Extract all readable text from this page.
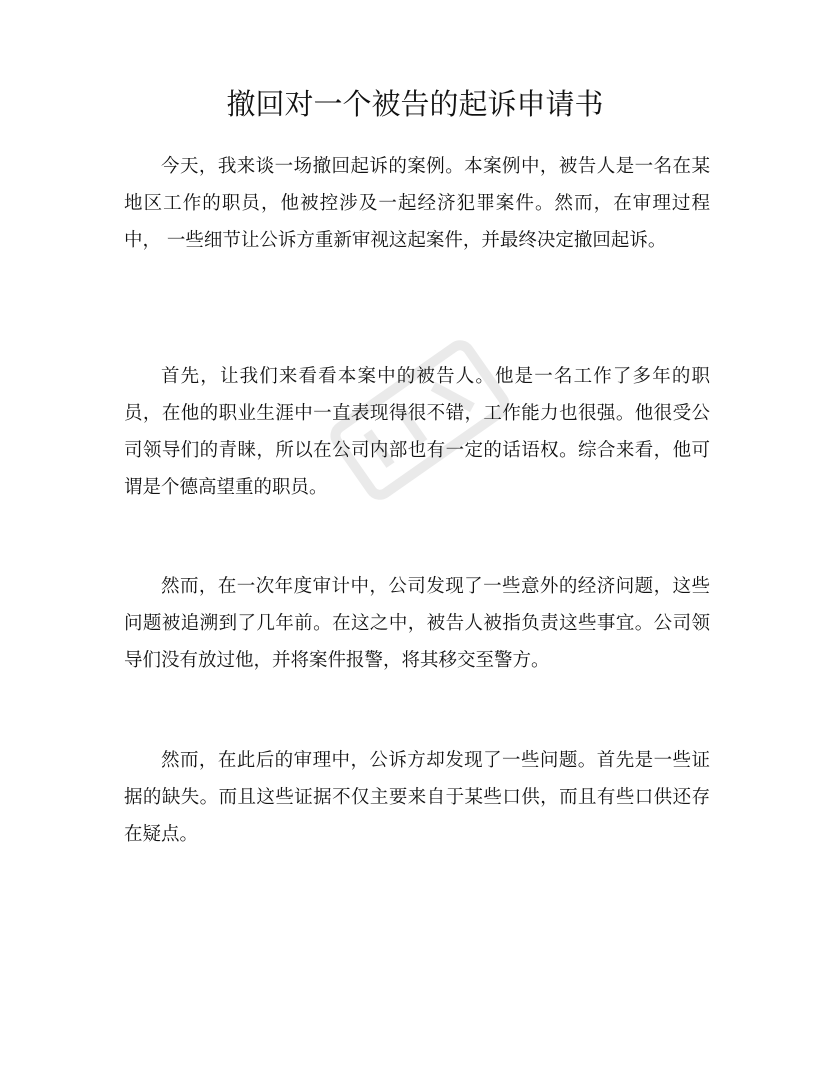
撤回对一个被告的起诉申请书

今天，我来谈一场撤回起诉的案例。本案例中，被告人是一名在某地区工作的职员，他被控涉及一起经济犯罪案件。然而，在审理过程中， 一些细节让公诉方重新审视这起案件，并最终决定撤回起诉。

首先，让我们来看看本案中的被告人。他是一名工作了多年的职员，在他的职业生涯中一直表现得很不错，工作能力也很强。他很受公司领导们的青睐，所以在公司内部也有一定的话语权。综合来看，他可谓是个德高望重的职员。

然而，在一次年度审计中，公司发现了一些意外的经济问题，这些问题被追溯到了几年前。在这之中，被告人被指负责这些事宜。公司领导们没有放过他，并将案件报警，将其移交至警方。

然而，在此后的审理中，公诉方却发现了一些问题。首先是一些证据的缺失。而且这些证据不仅主要来自于某些口供，而且有些口供还存在疑点。
